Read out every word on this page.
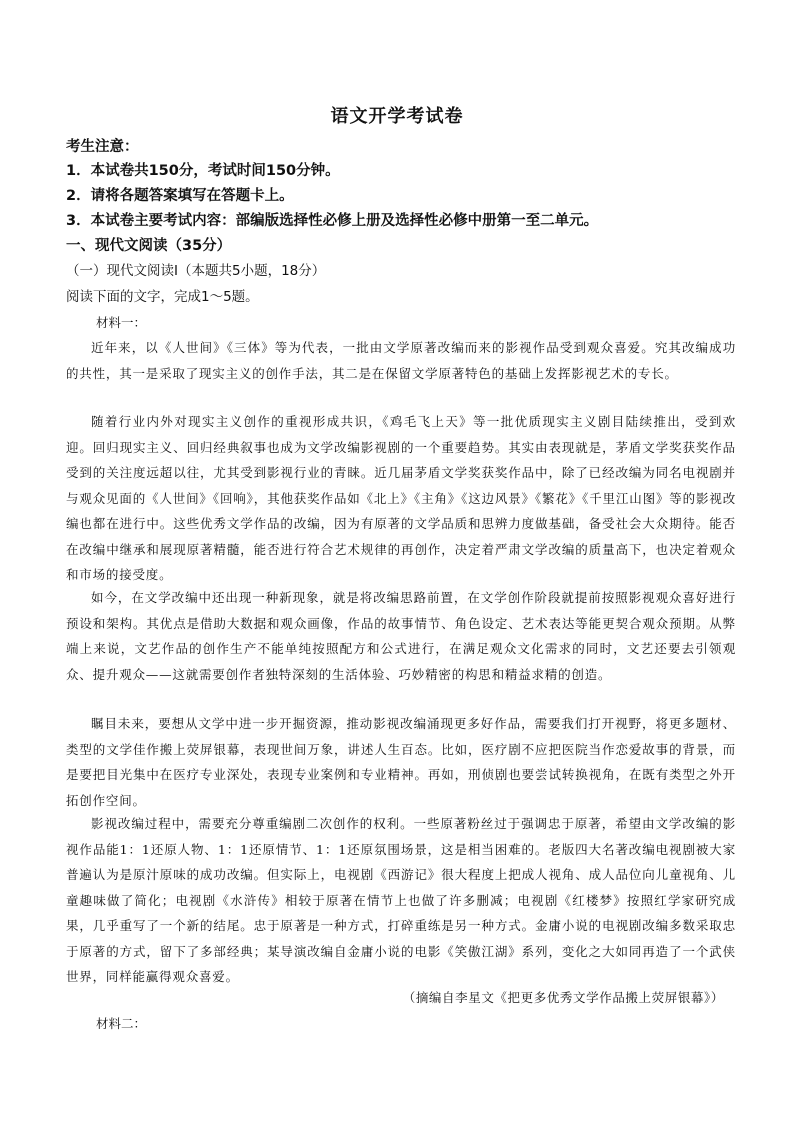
语文开学考试卷
考生注意：
1．本试卷共150分，考试时间150分钟。
2．请将各题答案填写在答题卡上。
3．本试卷主要考试内容：部编版选择性必修上册及选择性必修中册第一至二单元。
一、现代文阅读（35分）
（一）现代文阅读Ⅰ（本题共5小题，18分）
阅读下面的文字，完成1～5题。
材料一：
近年来，以《人世间》《三体》等为代表，一批由文学原著改编而来的影视作品受到观众喜爱。究其改编成功的共性，其一是采取了现实主义的创作手法，其二是在保留文学原著特色的基础上发挥影视艺术的专长。
随着行业内外对现实主义创作的重视形成共识，《鸡毛飞上天》等一批优质现实主义剧目陆续推出，受到欢迎。回归现实主义、回归经典叙事也成为文学改编影视剧的一个重要趋势。其实由表现就是，茅盾文学奖获奖作品受到的关注度远超以往，尤其受到影视行业的青睐。近几届茅盾文学奖获奖作品中，除了已经改编为同名电视剧并与观众见面的《人世间》《回响》，其他获奖作品如《北上》《主角》《这边风景》《繁花》《千里江山图》等的影视改编也都在进行中。这些优秀文学作品的改编，因为有原著的文学品质和思辨力度做基础，备受社会大众期待。能否在改编中继承和展现原著精髓，能否进行符合艺术规律的再创作，决定着严肃文学改编的质量高下，也决定着观众和市场的接受度。
如今，在文学改编中还出现一种新现象，就是将改编思路前置，在文学创作阶段就提前按照影视观众喜好进行预设和架构。其优点是借助大数据和观众画像，作品的故事情节、角色设定、艺术表达等能更契合观众预期。从弊端上来说，文艺作品的创作生产不能单纯按照配方和公式进行，在满足观众文化需求的同时，文艺还要去引领观众、提升观众——这就需要创作者独特深刻的生活体验、巧妙精密的构思和精益求精的创造。
瞩目未来，要想从文学中进一步开掘资源，推动影视改编涌现更多好作品，需要我们打开视野，将更多题材、类型的文学佳作搬上荧屏银幕，表现世间万象，讲述人生百态。比如，医疗剧不应把医院当作恋爱故事的背景，而是要把目光集中在医疗专业深处，表现专业案例和专业精神。再如，刑侦剧也要尝试转换视角，在既有类型之外开拓创作空间。
影视改编过程中，需要充分尊重编剧二次创作的权利。一些原著粉丝过于强调忠于原著，希望由文学改编的影视作品能1：1还原人物、1：1还原情节、1：1还原氛围场景，这是相当困难的。老版四大名著改编电视剧被大家普遍认为是原汁原味的成功改编。但实际上，电视剧《西游记》很大程度上把成人视角、成人品位向儿童视角、儿童趣味做了简化；电视剧《水浒传》相较于原著在情节上也做了许多删减；电视剧《红楼梦》按照红学家研究成果，几乎重写了一个新的结尾。忠于原著是一种方式，打碎重练是另一种方式。金庸小说的电视剧改编多数采取忠于原著的方式，留下了多部经典；某导演改编自金庸小说的电影《笑傲江湖》系列，变化之大如同再造了一个武侠世界，同样能赢得观众喜爱。
（摘编自李星文《把更多优秀文学作品搬上荧屏银幕》）
材料二：
